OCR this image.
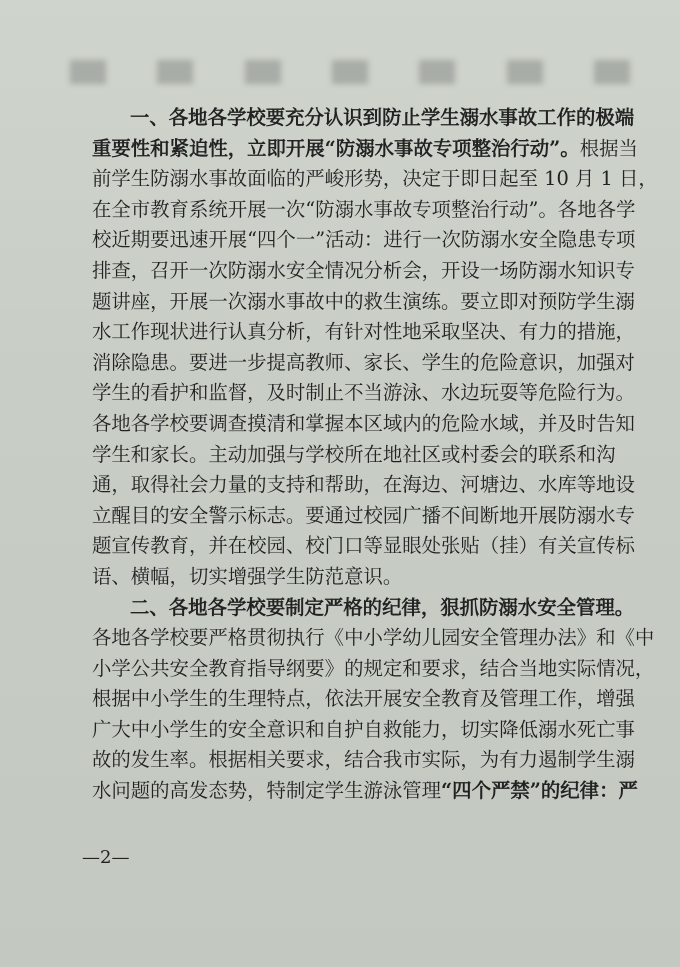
一、各地各学校要充分认识到防止学生溺水事故工作的极端
重要性和紧迫性，立即开展“防溺水事故专项整治行动”。根据当
前学生防溺水事故面临的严峻形势，决定于即日起至 10 月 1 日，
在全市教育系统开展一次“防溺水事故专项整治行动”。各地各学
校近期要迅速开展“四个一”活动：进行一次防溺水安全隐患专项
排查，召开一次防溺水安全情况分析会，开设一场防溺水知识专
题讲座，开展一次溺水事故中的救生演练。要立即对预防学生溺
水工作现状进行认真分析，有针对性地采取坚决、有力的措施，
消除隐患。要进一步提高教师、家长、学生的危险意识，加强对
学生的看护和监督，及时制止不当游泳、水边玩耍等危险行为。
各地各学校要调查摸清和掌握本区域内的危险水域，并及时告知
学生和家长。主动加强与学校所在地社区或村委会的联系和沟
通，取得社会力量的支持和帮助，在海边、河塘边、水库等地设
立醒目的安全警示标志。要通过校园广播不间断地开展防溺水专
题宣传教育，并在校园、校门口等显眼处张贴（挂）有关宣传标
语、横幅，切实增强学生防范意识。
二、各地各学校要制定严格的纪律，狠抓防溺水安全管理。
各地各学校要严格贯彻执行《中小学幼儿园安全管理办法》和《中
小学公共安全教育指导纲要》的规定和要求，结合当地实际情况，
根据中小学生的生理特点，依法开展安全教育及管理工作，增强
广大中小学生的安全意识和自护自救能力，切实降低溺水死亡事
故的发生率。根据相关要求，结合我市实际，为有力遏制学生溺
水问题的高发态势，特制定学生游泳管理“四个严禁”的纪律：严
—2—
